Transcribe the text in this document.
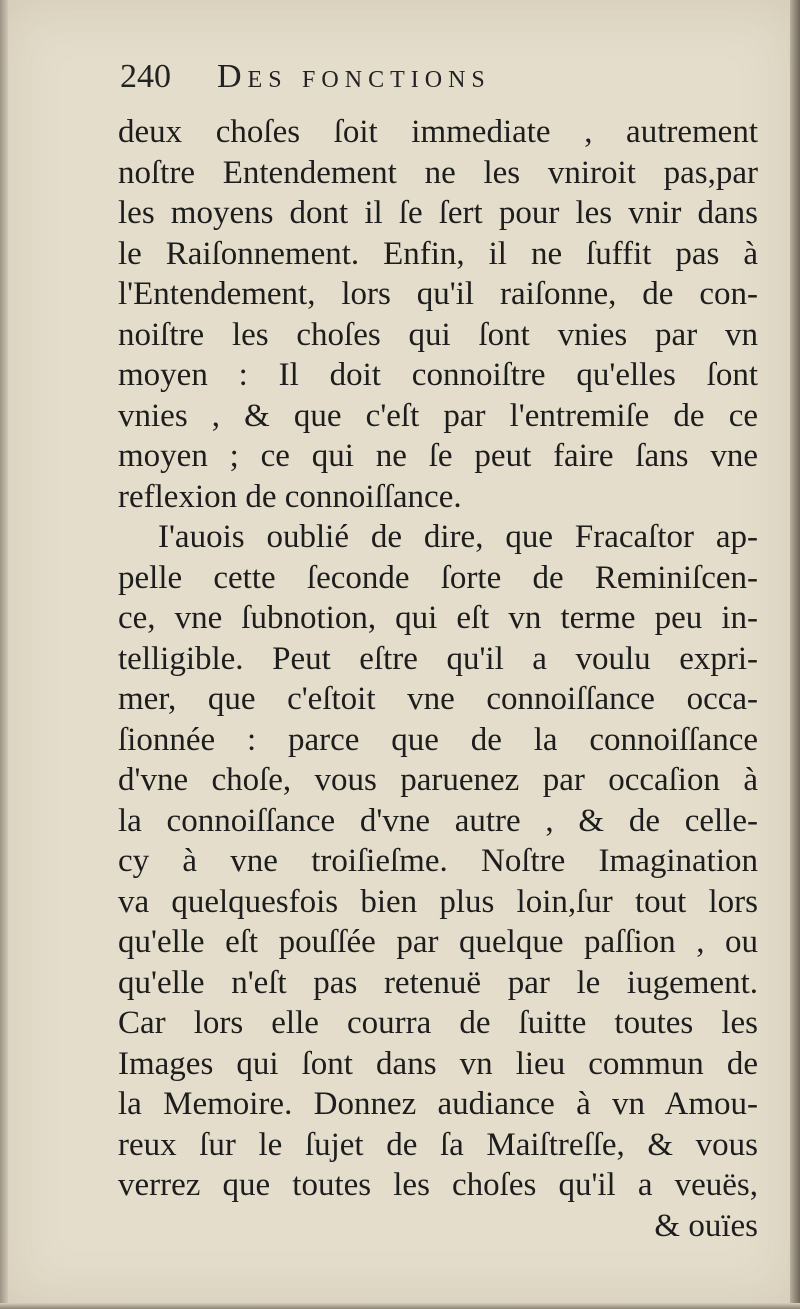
240 Des fonctions
deux choſes ſoit immediate , autrement
noſtre Entendement ne les vniroit pas,par
les moyens dont il ſe ſert pour les vnir dans
le Raiſonnement. Enfin, il ne ſuffit pas à
l'Entendement, lors qu'il raiſonne, de con-
noiſtre les choſes qui ſont vnies par vn
moyen : Il doit connoiſtre qu'elles ſont
vnies , & que c'eſt par l'entremiſe de ce
moyen ; ce qui ne ſe peut faire ſans vne
reflexion de connoiſſance.
I'auois oublié de dire, que Fracaſtor ap-
pelle cette ſeconde ſorte de Reminiſcen-
ce, vne ſubnotion, qui eſt vn terme peu in-
telligible. Peut eſtre qu'il a voulu expri-
mer, que c'eſtoit vne connoiſſance occa-
ſionnée : parce que de la connoiſſance
d'vne choſe, vous paruenez par occaſion à
la connoiſſance d'vne autre , & de celle-
cy à vne troiſieſme. Noſtre Imagination
va quelquesfois bien plus loin,ſur tout lors
qu'elle eſt pouſſée par quelque paſſion , ou
qu'elle n'eſt pas retenuë par le iugement.
Car lors elle courra de ſuitte toutes les
Images qui ſont dans vn lieu commun de
la Memoire. Donnez audiance à vn Amou-
reux ſur le ſujet de ſa Maiſtreſſe, & vous
verrez que toutes les choſes qu'il a veuës,
& ouïes
